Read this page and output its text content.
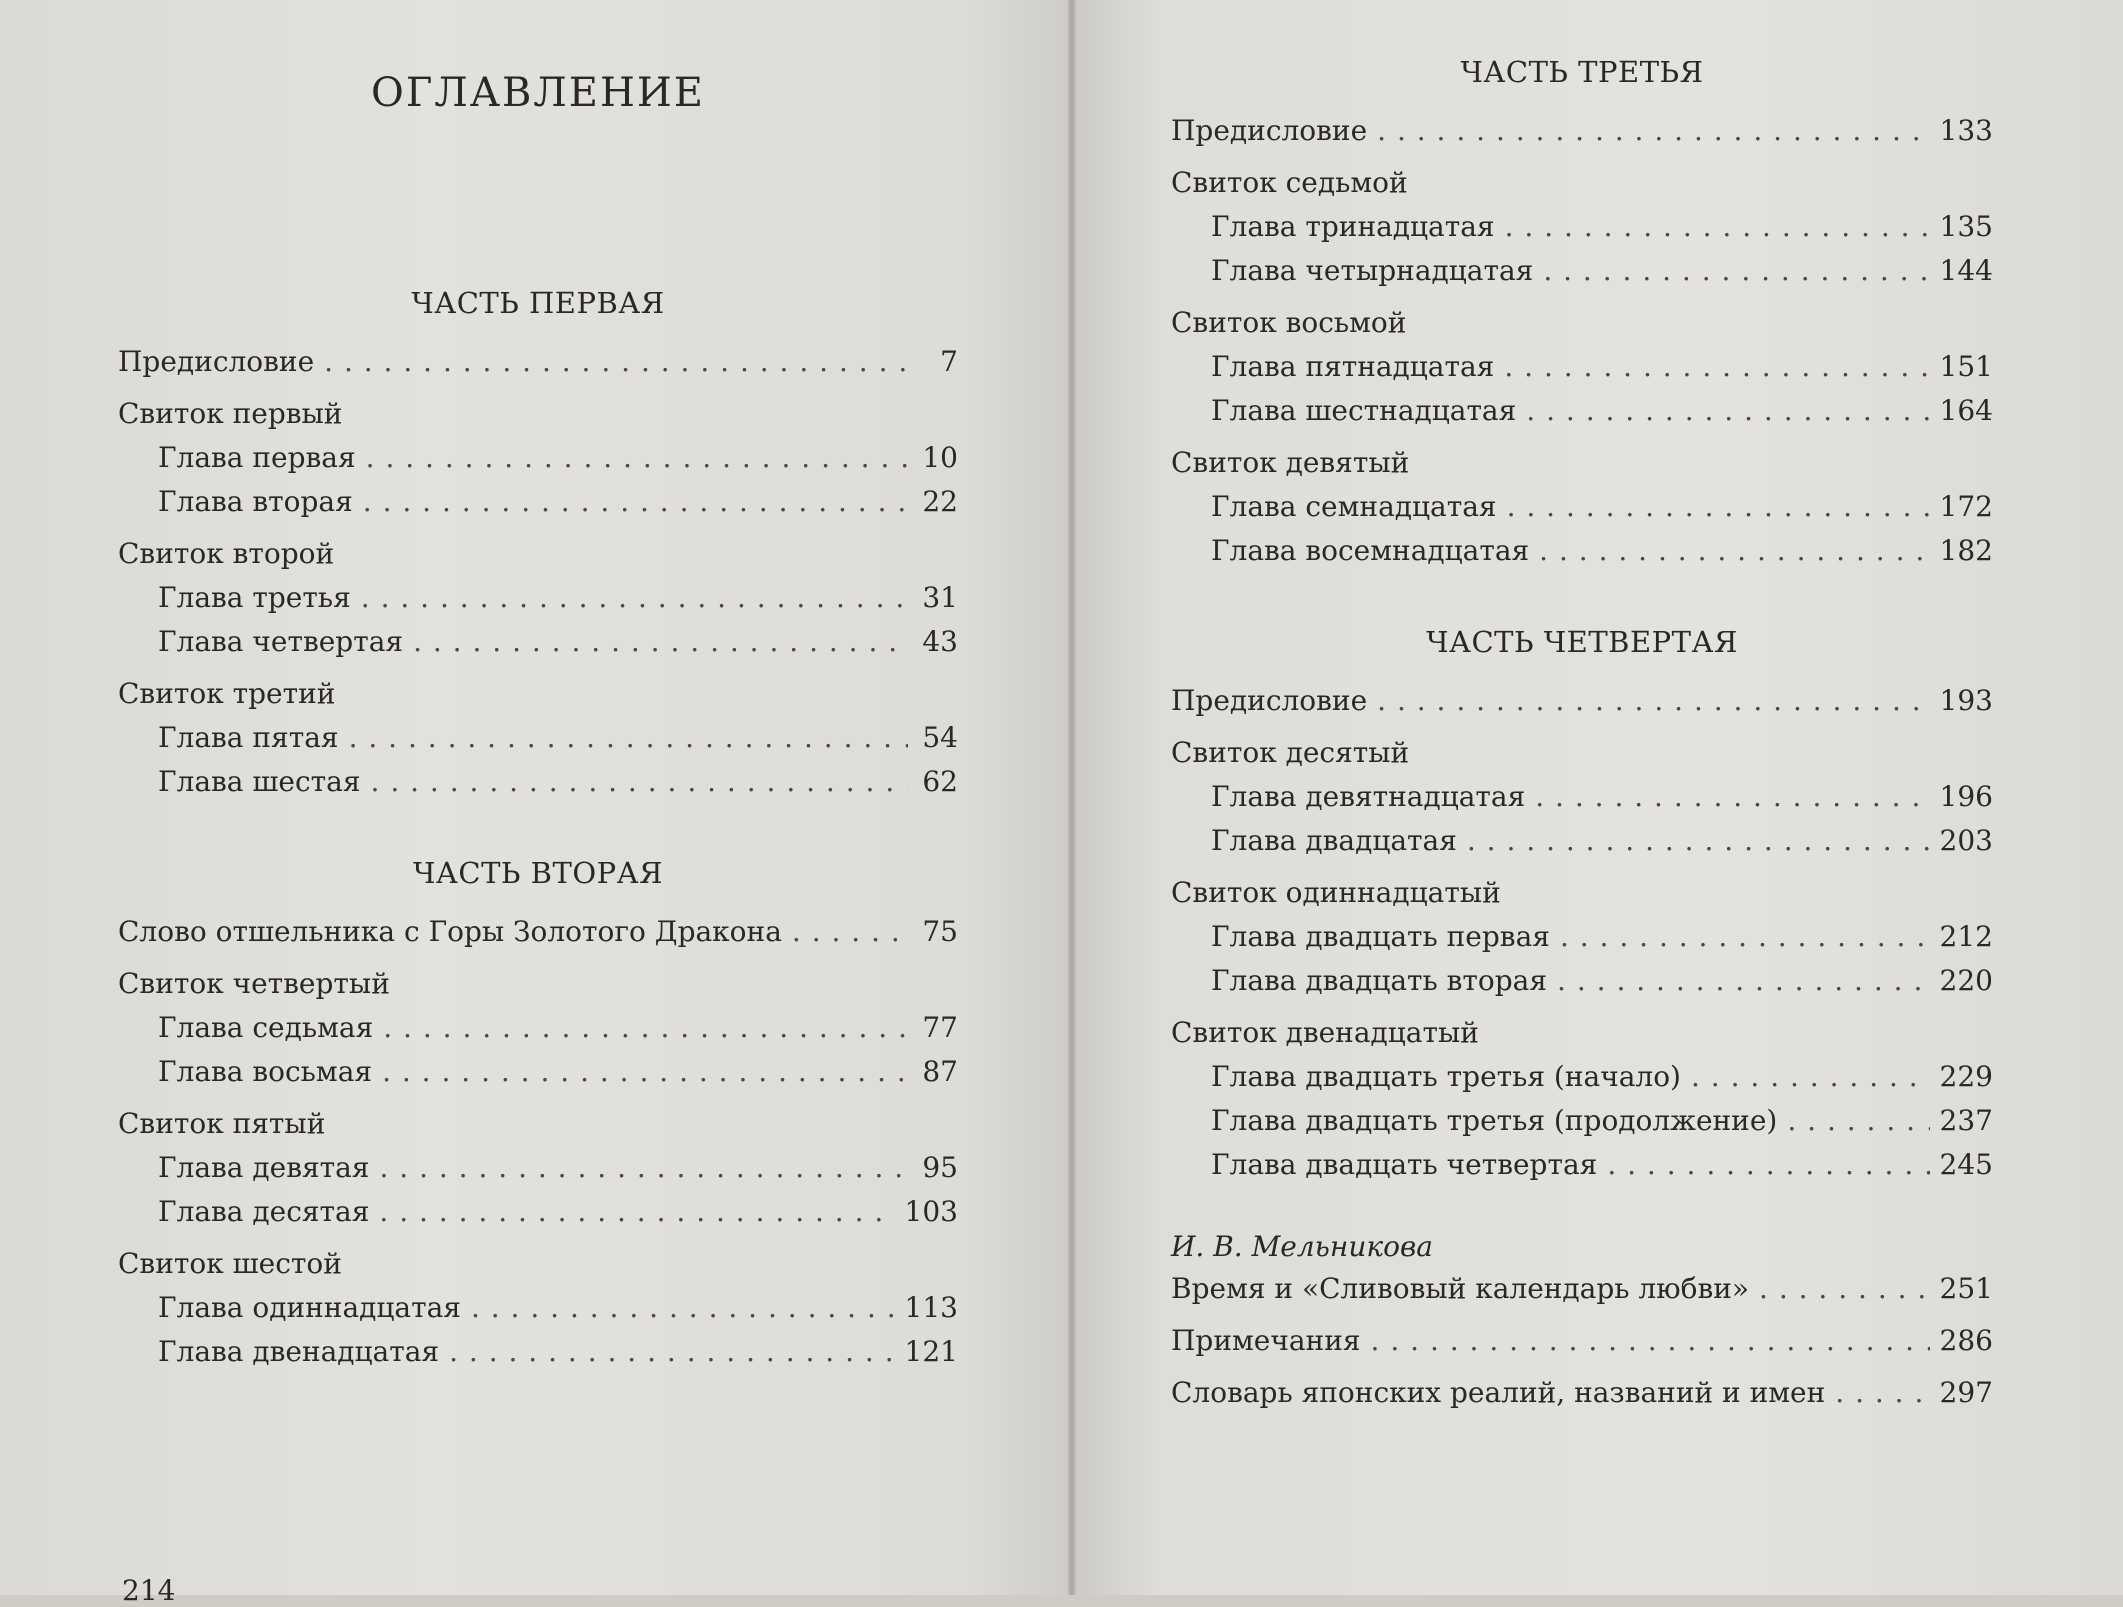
ОГЛАВЛЕНИЕ
ЧАСТЬ ПЕРВАЯ
Предисловие . . .	7
Свиток первый
Глава первая . . .	10
Глава вторая . . .	22
Свиток второй
Глава третья . . .	31
Глава четвертая . . .	43
Свиток третий
Глава пятая . . .	54
Глава шестая . . .	62
ЧАСТЬ ВТОРАЯ
Слово отшельника с Горы Золотого Дракона . . .	75
Свиток четвертый
Глава седьмая . . .	77
Глава восьмая . . .	87
Свиток пятый
Глава девятая . . .	95
Глава десятая . . .	103
Свиток шестой
Глава одиннадцатая . . .	113
Глава двенадцатая . . .	121
214
ЧАСТЬ ТРЕТЬЯ
Предисловие . . .	133
Свиток седьмой
Глава тринадцатая . . .	135
Глава четырнадцатая . . .	144
Свиток восьмой
Глава пятнадцатая . . .	151
Глава шестнадцатая . . .	164
Свиток девятый
Глава семнадцатая . . .	172
Глава восемнадцатая . . .	182
ЧАСТЬ ЧЕТВЕРТАЯ
Предисловие . . .	193
Свиток десятый
Глава девятнадцатая . . .	196
Глава двадцатая . . .	203
Свиток одиннадцатый
Глава двадцать первая . . .	212
Глава двадцать вторая . . .	220
Свиток двенадцатый
Глава двадцать третья (начало) . . .	229
Глава двадцать третья (продолжение) . . .	237
Глава двадцать четвертая . . .	245
И. В. Мельникова
Время и «Сливовый календарь любви» . . .	251
Примечания . . .	286
Словарь японских реалий, названий и имен . . .	297
